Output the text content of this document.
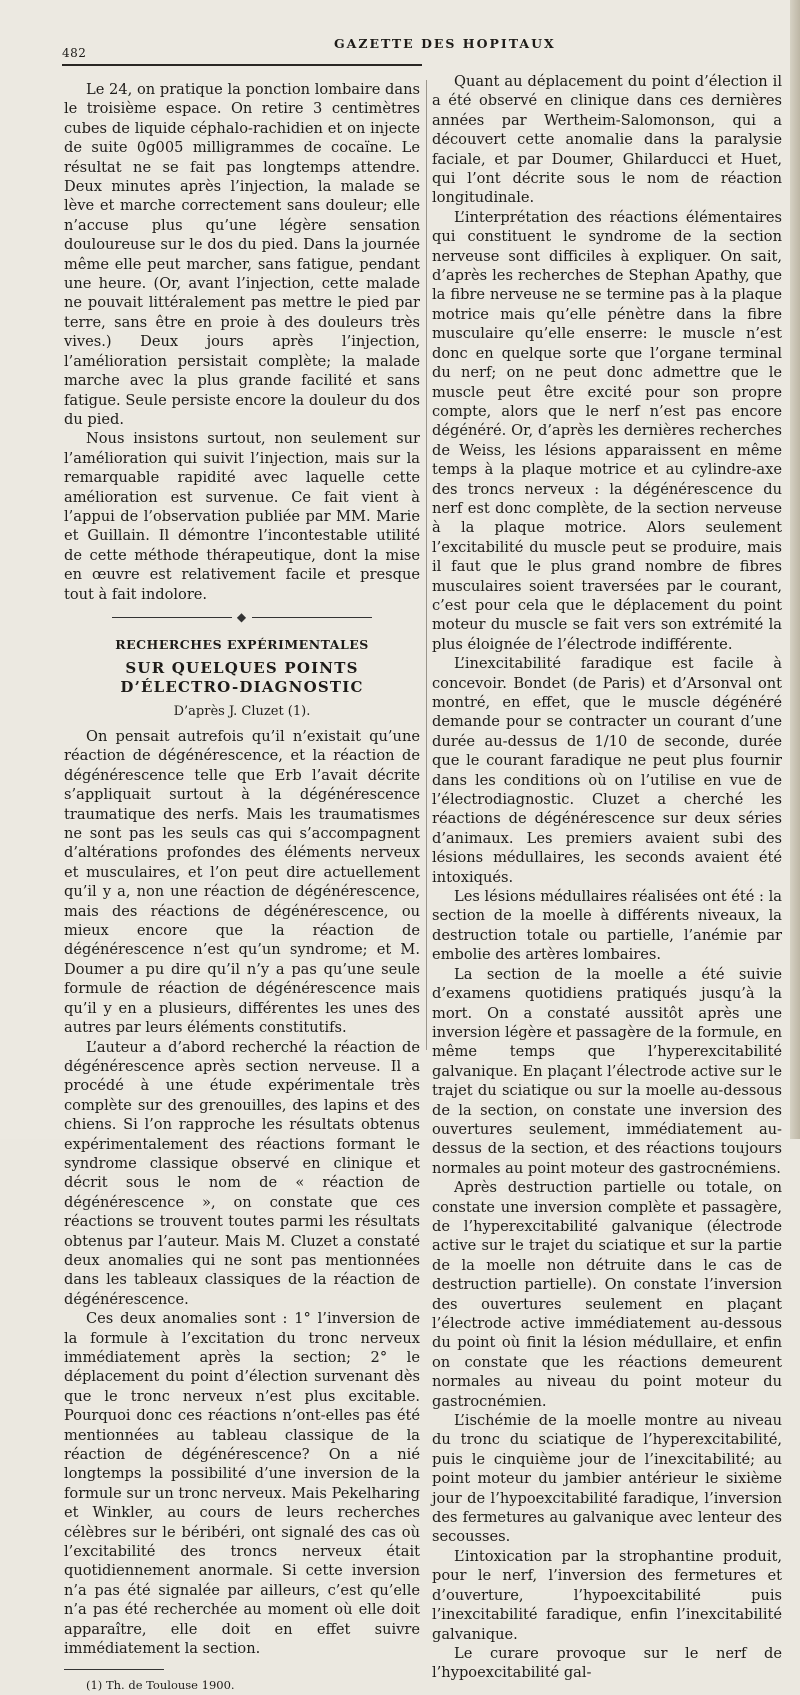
482
GAZETTE DES HOPITAUX

Le 24, on pratique la ponction lombaire dans le troisième espace. On retire 3 centimètres cubes de liquide céphalo-rachidien et on injecte de suite 0g005 milligrammes de cocaïne. Le résultat ne se fait pas longtemps attendre. Deux minutes après l’injection, la malade se lève et marche correctement sans douleur; elle n’accuse plus qu’une légère sensation douloureuse sur le dos du pied. Dans la journée même elle peut marcher, sans fatigue, pendant une heure. (Or, avant l’injection, cette malade ne pouvait littéralement pas mettre le pied par terre, sans être en proie à des douleurs très vives.) Deux jours après l’injection, l’amélioration persistait complète; la malade marche avec la plus grande facilité et sans fatigue. Seule persiste encore la douleur du dos du pied.

Nous insistons surtout, non seulement sur l’amélioration qui suivit l’injection, mais sur la remarquable rapidité avec laquelle cette amélioration est survenue. Ce fait vient à l’appui de l’observation publiée par MM. Marie et Guillain. Il démontre l’incontestable utilité de cette méthode thérapeutique, dont la mise en œuvre est relativement facile et presque tout à fait indolore.

◆
RECHERCHES EXPÉRIMENTALES
SUR QUELQUES POINTS D’ÉLECTRO-DIAGNOSTIC
D’après J. Cluzet (1).

On pensait autrefois qu’il n’existait qu’une réaction de dégénérescence, et la réaction de dégénérescence telle que Erb l’avait décrite s’appliquait surtout à la dégénérescence traumatique des nerfs. Mais les traumatismes ne sont pas les seuls cas qui s’accompagnent d’altérations profondes des éléments nerveux et musculaires, et l’on peut dire actuellement qu’il y a, non une réaction de dégénérescence, mais des réactions de dégénérescence, ou mieux encore que la réaction de dégénérescence n’est qu’un syndrome; et M. Doumer a pu dire qu’il n’y a pas qu’une seule formule de réaction de dégénérescence mais qu’il y en a plusieurs, différentes les unes des autres par leurs éléments constitutifs.

L’auteur a d’abord recherché la réaction de dégénérescence après section nerveuse. Il a procédé à une étude expérimentale très complète sur des grenouilles, des lapins et des chiens. Si l’on rapproche les résultats obtenus expérimentalement des réactions formant le syndrome classique observé en clinique et décrit sous le nom de « réaction de dégénérescence », on constate que ces réactions se trouvent toutes parmi les résultats obtenus par l’auteur. Mais M. Cluzet a constaté deux anomalies qui ne sont pas mentionnées dans les tableaux classiques de la réaction de dégénérescence.

Ces deux anomalies sont : 1° l’inversion de la formule à l’excitation du tronc nerveux immédiatement après la section; 2° le déplacement du point d’élection survenant dès que le tronc nerveux n’est plus excitable. Pourquoi donc ces réactions n’ont-elles pas été mentionnées au tableau classique de la réaction de dégénérescence? On a nié longtemps la possibilité d’une inversion de la formule sur un tronc nerveux. Mais Pekelharing et Winkler, au cours de leurs recherches célèbres sur le béribéri, ont signalé des cas où l’excitabilité des troncs nerveux était quotidiennement anormale. Si cette inversion n’a pas été signalée par ailleurs, c’est qu’elle n’a pas été recherchée au moment où elle doit apparaître, elle doit en effet suivre immédiatement la section.

(1) Th. de Toulouse 1900.

Quant au déplacement du point d’élection il a été observé en clinique dans ces dernières années par Wertheim-Salomonson, qui a découvert cette anomalie dans la paralysie faciale, et par Doumer, Ghilarducci et Huet, qui l’ont décrite sous le nom de réaction longitudinale.

L’interprétation des réactions élémentaires qui constituent le syndrome de la section nerveuse sont difficiles à expliquer. On sait, d’après les recherches de Stephan Apathy, que la fibre nerveuse ne se termine pas à la plaque motrice mais qu’elle pénètre dans la fibre musculaire qu’elle enserre: le muscle n’est donc en quelque sorte que l’organe terminal du nerf; on ne peut donc admettre que le muscle peut être excité pour son propre compte, alors que le nerf n’est pas encore dégénéré. Or, d’après les dernières recherches de Weiss, les lésions apparaissent en même temps à la plaque motrice et au cylindre-axe des troncs nerveux : la dégénérescence du nerf est donc complète, de la section nerveuse à la plaque motrice. Alors seulement l’excitabilité du muscle peut se produire, mais il faut que le plus grand nombre de fibres musculaires soient traversées par le courant, c’est pour cela que le déplacement du point moteur du muscle se fait vers son extrémité la plus éloignée de l’électrode indifférente.

L’inexcitabilité faradique est facile à concevoir. Bondet (de Paris) et d’Arsonval ont montré, en effet, que le muscle dégénéré demande pour se contracter un courant d’une durée au-dessus de 1/10 de seconde, durée que le courant faradique ne peut plus fournir dans les conditions où on l’utilise en vue de l’électrodiagnostic. Cluzet a cherché les réactions de dégénérescence sur deux séries d’animaux. Les premiers avaient subi des lésions médullaires, les seconds avaient été intoxiqués.

Les lésions médullaires réalisées ont été : la section de la moelle à différents niveaux, la destruction totale ou partielle, l’anémie par embolie des artères lombaires.

La section de la moelle a été suivie d’examens quotidiens pratiqués jusqu’à la mort. On a constaté aussitôt après une inversion légère et passagère de la formule, en même temps que l’hyperexcitabilité galvanique. En plaçant l’électrode active sur le trajet du sciatique ou sur la moelle au-dessous de la section, on constate une inversion des ouvertures seulement, immédiatement au-dessus de la section, et des réactions toujours normales au point moteur des gastrocnémiens.

Après destruction partielle ou totale, on constate une inversion complète et passagère, de l’hyperexcitabilité galvanique (électrode active sur le trajet du sciatique et sur la partie de la moelle non détruite dans le cas de destruction partielle). On constate l’inversion des ouvertures seulement en plaçant l’électrode active immédiatement au-dessous du point où finit la lésion médullaire, et enfin on constate que les réactions demeurent normales au niveau du point moteur du gastrocnémien.

L’ischémie de la moelle montre au niveau du tronc du sciatique de l’hyperexcitabilité, puis le cinquième jour de l’inexcitabilité; au point moteur du jambier antérieur le sixième jour de l’hypoexcitabilité faradique, l’inversion des fermetures au galvanique avec lenteur des secousses.

L’intoxication par la strophantine produit, pour le nerf, l’inversion des fermetures et d’ouverture, l’hypoexcitabilité puis l’inexcitabilité faradique, enfin l’inexcitabilité galvanique.

Le curare provoque sur le nerf de l’hypoexcitabilité gal-
